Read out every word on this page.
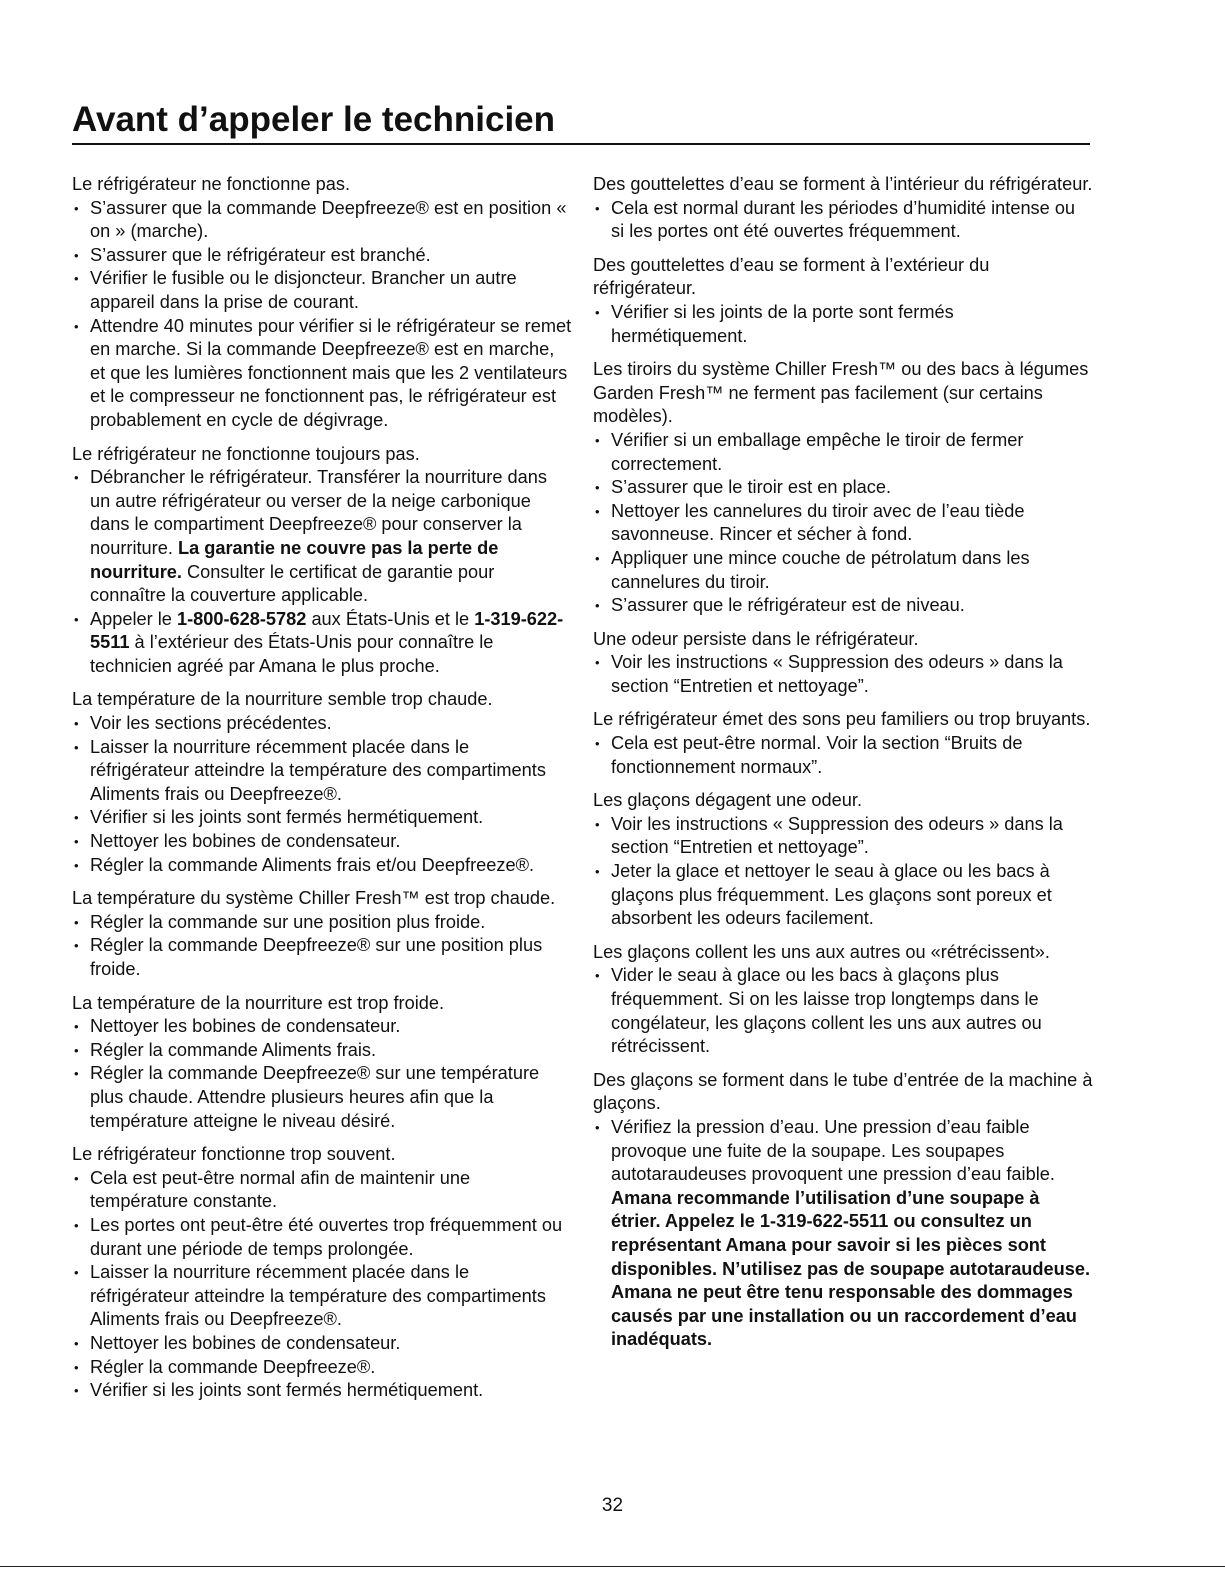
Avant d’appeler le technicien

Le réfrigérateur ne fonctionne pas.

• S’assurer que la commande Deepfreeze® est en position « on » (marche).
• S’assurer que le réfrigérateur est branché.
• Vérifier le fusible ou le disjoncteur. Brancher un autre appareil dans la prise de courant.
• Attendre 40 minutes pour vérifier si le réfrigérateur se remet en marche. Si la commande Deepfreeze® est en marche, et que les lumières fonctionnent mais que les 2 ventilateurs et le compresseur ne fonctionnent pas, le réfrigérateur est probablement en cycle de dégivrage.

Le réfrigérateur ne fonctionne toujours pas.

• Débrancher le réfrigérateur. Transférer la nourriture dans un autre réfrigérateur ou verser de la neige carbonique dans le compartiment Deepfreeze® pour conserver la nourriture. La garantie ne couvre pas la perte de nourriture. Consulter le certificat de garantie pour connaître la couverture applicable.
• Appeler le 1-800-628-5782 aux États-Unis et le 1-319-622-5511 à l’extérieur des États-Unis pour connaître le technicien agréé par Amana le plus proche.

La température de la nourriture semble trop chaude.

• Voir les sections précédentes.
• Laisser la nourriture récemment placée dans le réfrigérateur atteindre la température des compartiments Aliments frais ou Deepfreeze®.
• Vérifier si les joints sont fermés hermétiquement.
• Nettoyer les bobines de condensateur.
• Régler la commande Aliments frais et/ou Deepfreeze®.

La température du système Chiller Fresh™ est trop chaude.

• Régler la commande sur une position plus froide.
• Régler la commande Deepfreeze® sur une position plus froide.

La température de la nourriture est trop froide.

• Nettoyer les bobines de condensateur.
• Régler la commande Aliments frais.
• Régler la commande Deepfreeze® sur une température plus chaude. Attendre plusieurs heures afin que la température atteigne le niveau désiré.

Le réfrigérateur fonctionne trop souvent.

• Cela est peut-être normal afin de maintenir une température constante.
• Les portes ont peut-être été ouvertes trop fréquemment ou durant une période de temps prolongée.
• Laisser la nourriture récemment placée dans le réfrigérateur atteindre la température des compartiments Aliments frais ou Deepfreeze®.
• Nettoyer les bobines de condensateur.
• Régler la commande Deepfreeze®.
• Vérifier si les joints sont fermés hermétiquement.

Des gouttelettes d’eau se forment à l’intérieur du réfrigérateur.

• Cela est normal durant les périodes d’humidité intense ou si les portes ont été ouvertes fréquemment.

Des gouttelettes d’eau se forment à l’extérieur du réfrigérateur.

• Vérifier si les joints de la porte sont fermés hermétiquement.

Les tiroirs du système Chiller Fresh™ ou des bacs à légumes Garden Fresh™ ne ferment pas facilement (sur certains modèles).

• Vérifier si un emballage empêche le tiroir de fermer correctement.
• S’assurer que le tiroir est en place.
• Nettoyer les cannelures du tiroir avec de l’eau tiède savonneuse. Rincer et sécher à fond.
• Appliquer une mince couche de pétrolatum dans les cannelures du tiroir.
• S’assurer que le réfrigérateur est de niveau.

Une odeur persiste dans le réfrigérateur.

• Voir les instructions « Suppression des odeurs » dans la section “Entretien et nettoyage”.

Le réfrigérateur émet des sons peu familiers ou trop bruyants.

• Cela est peut-être normal. Voir la section “Bruits de fonctionnement normaux”.

Les glaçons dégagent une odeur.

• Voir les instructions « Suppression des odeurs » dans la section “Entretien et nettoyage”.
• Jeter la glace et nettoyer le seau à glace ou les bacs à glaçons plus fréquemment. Les glaçons sont poreux et absorbent les odeurs facilement.

Les glaçons collent les uns aux autres ou «rétrécissent».

• Vider le seau à glace ou les bacs à glaçons plus fréquemment. Si on les laisse trop longtemps dans le congélateur, les glaçons collent les uns aux autres ou rétrécissent.

Des glaçons se forment dans le tube d’entrée de la machine à glaçons.

• Vérifiez la pression d’eau. Une pression d’eau faible provoque une fuite de la soupape. Les soupapes autotaraudeuses provoquent une pression d’eau faible. Amana recommande l’utilisation d’une soupape à étrier. Appelez le 1-319-622-5511 ou consultez un représentant Amana pour savoir si les pièces sont disponibles. N’utilisez pas de soupape autotaraudeuse. Amana ne peut être tenu responsable des dommages causés par une installation ou un raccordement d’eau inadéquats.
32
